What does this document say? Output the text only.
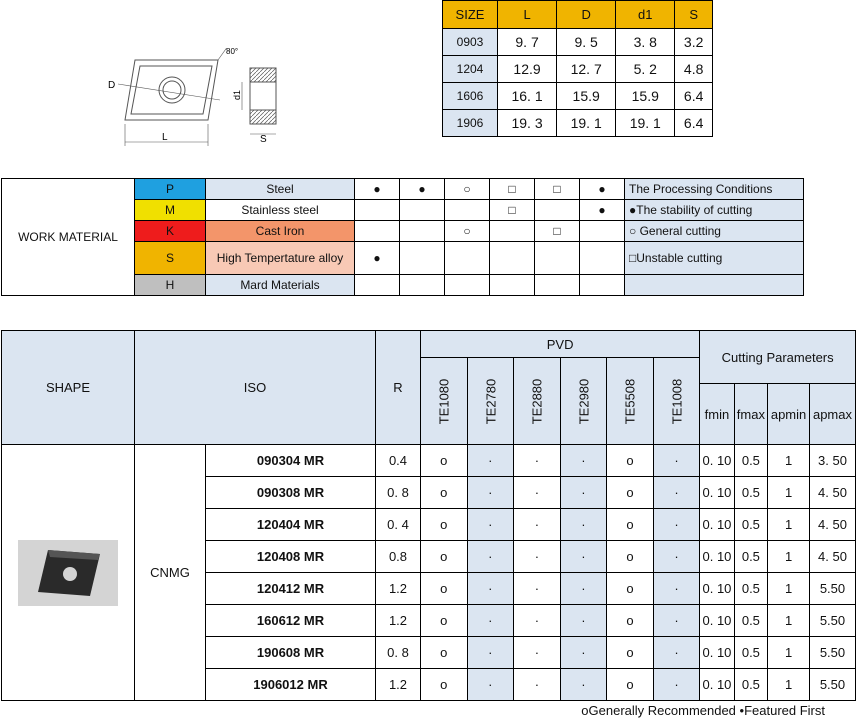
D
L
80°
S
d1
SIZE	L	D	d1	S
0903	9. 7	9. 5	3. 8	3.2
1204	12.9	12. 7	5. 2	4.8
1606	16. 1	15.9	15.9	6.4
1906	19. 3	19. 1	19. 1	6.4
WORK MATERIAL	P	Steel	●	●	○	□	□	●	The Processing Conditions
	M	Stainless steel				□		●	●The stability of cutting
	K	Cast Iron			○		□		○ General cutting
	S	High Tempertature alloy	●						□Unstable cutting
	H	Mard Materials							
SHAPE	ISO		R	PVD						Cutting Parameters			
				TE1080	TE2780	TE2880	TE2980	TE5508	TE1008				
										fmin	fmax	apmin	apmax

	CNMG	090304 MR	0.4	o	·	·	·	o	·	0. 10	0.5	1	3. 50
		090308 MR	0. 8	o	·	·	·	o	·	0. 10	0.5	1	4. 50
		120404 MR	0. 4	o	·	·	·	o	·	0. 10	0.5	1	4. 50
		120408 MR	0.8	o	·	·	·	o	·	0. 10	0.5	1	4. 50
		120412 MR	1.2	o	·	·	·	o	·	0. 10	0.5	1	5.50
		160612 MR	1.2	o	·	·	·	o	·	0. 10	0.5	1	5.50
		190608 MR	0. 8	o	·	·	·	o	·	0. 10	0.5	1	5.50
		1906012 MR	1.2	o	·	·	·	o	·	0. 10	0.5	1	5.50
oGenerally Recommended •Featured First
